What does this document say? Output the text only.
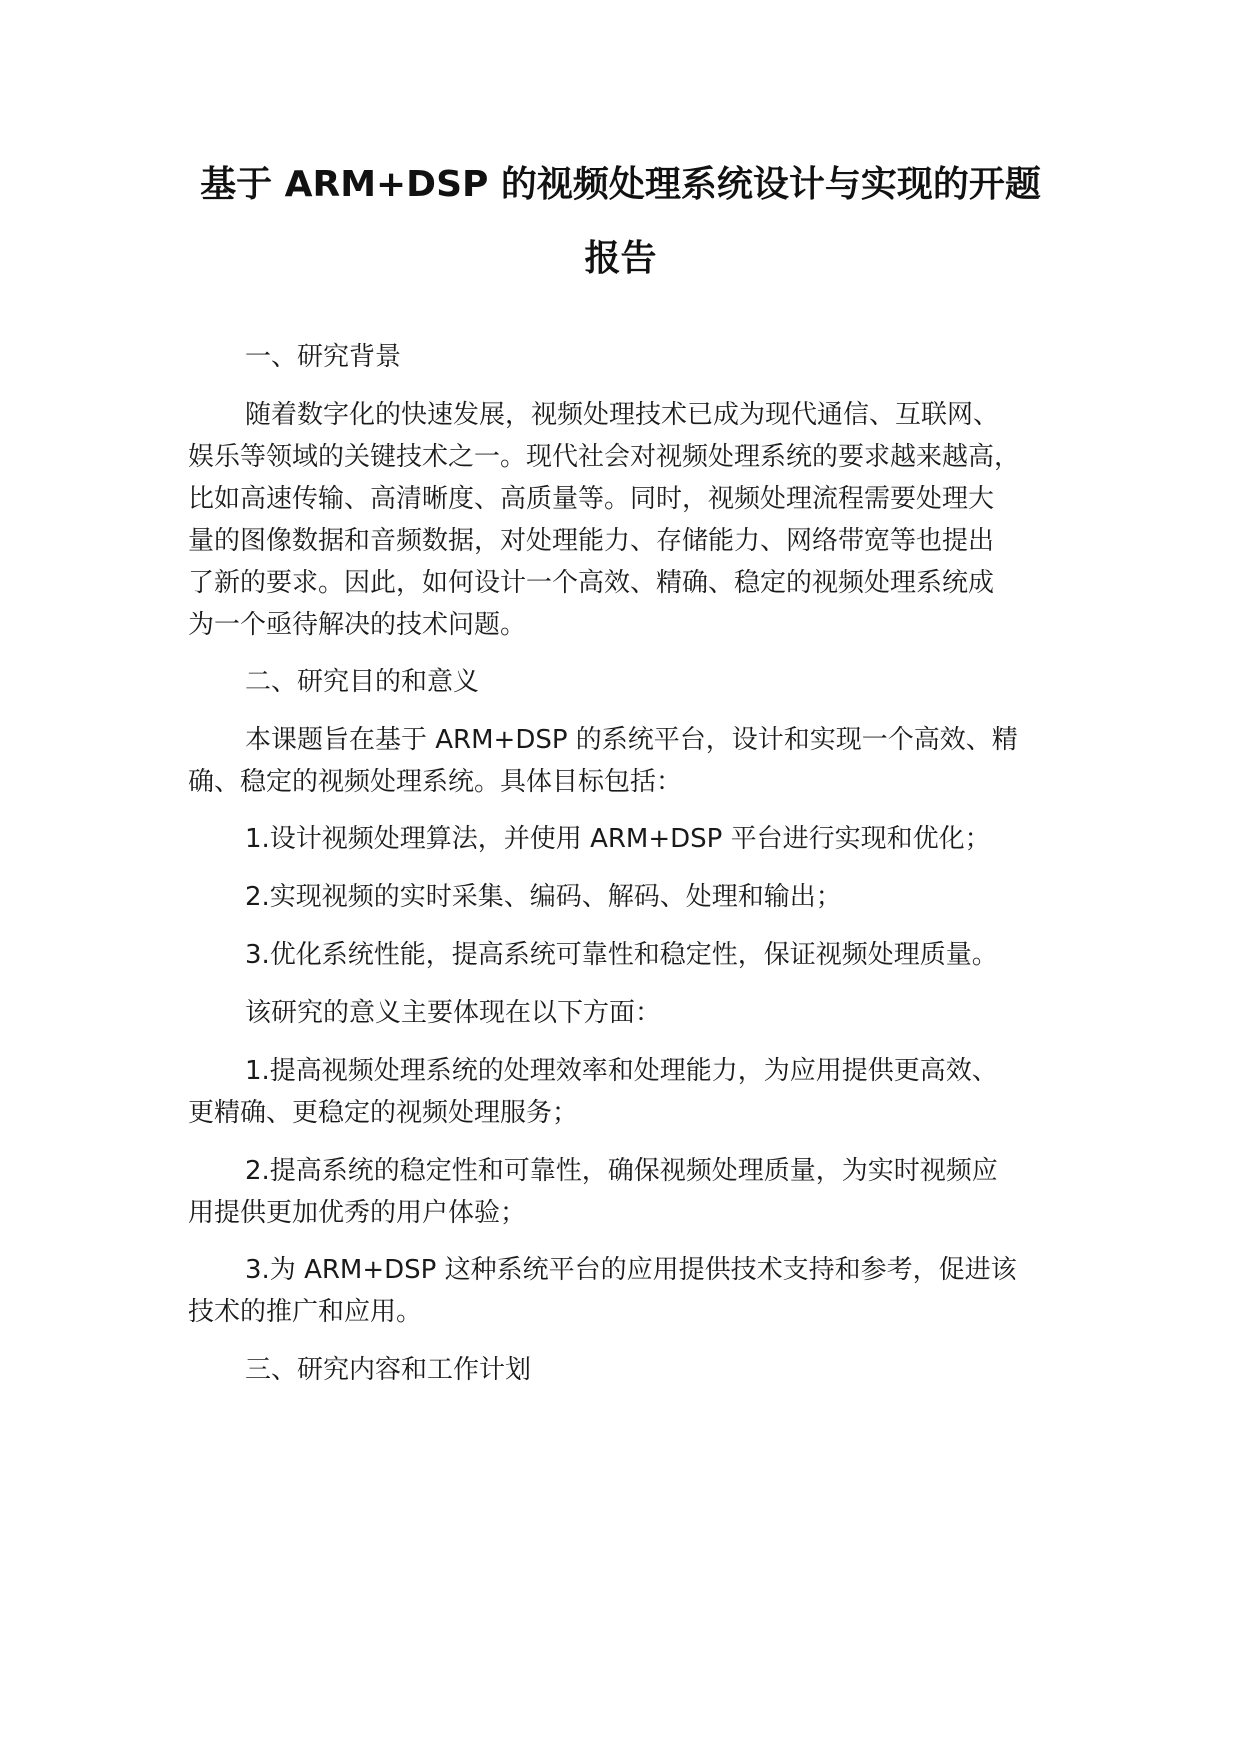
基于 ARM+DSP 的视频处理系统设计与实现的开题
报告
一、研究背景
随着数字化的快速发展，视频处理技术已成为现代通信、互联网、
娱乐等领域的关键技术之一。现代社会对视频处理系统的要求越来越高，
比如高速传输、高清晰度、高质量等。同时，视频处理流程需要处理大
量的图像数据和音频数据，对处理能力、存储能力、网络带宽等也提出
了新的要求。因此，如何设计一个高效、精确、稳定的视频处理系统成
为一个亟待解决的技术问题。
二、研究目的和意义
本课题旨在基于 ARM+DSP 的系统平台，设计和实现一个高效、精
确、稳定的视频处理系统。具体目标包括：
1.设计视频处理算法，并使用 ARM+DSP 平台进行实现和优化；
2.实现视频的实时采集、编码、解码、处理和输出；
3.优化系统性能，提高系统可靠性和稳定性，保证视频处理质量。
该研究的意义主要体现在以下方面：
1.提高视频处理系统的处理效率和处理能力，为应用提供更高效、
更精确、更稳定的视频处理服务；
2.提高系统的稳定性和可靠性，确保视频处理质量，为实时视频应
用提供更加优秀的用户体验；
3.为 ARM+DSP 这种系统平台的应用提供技术支持和参考，促进该
技术的推广和应用。
三、研究内容和工作计划
